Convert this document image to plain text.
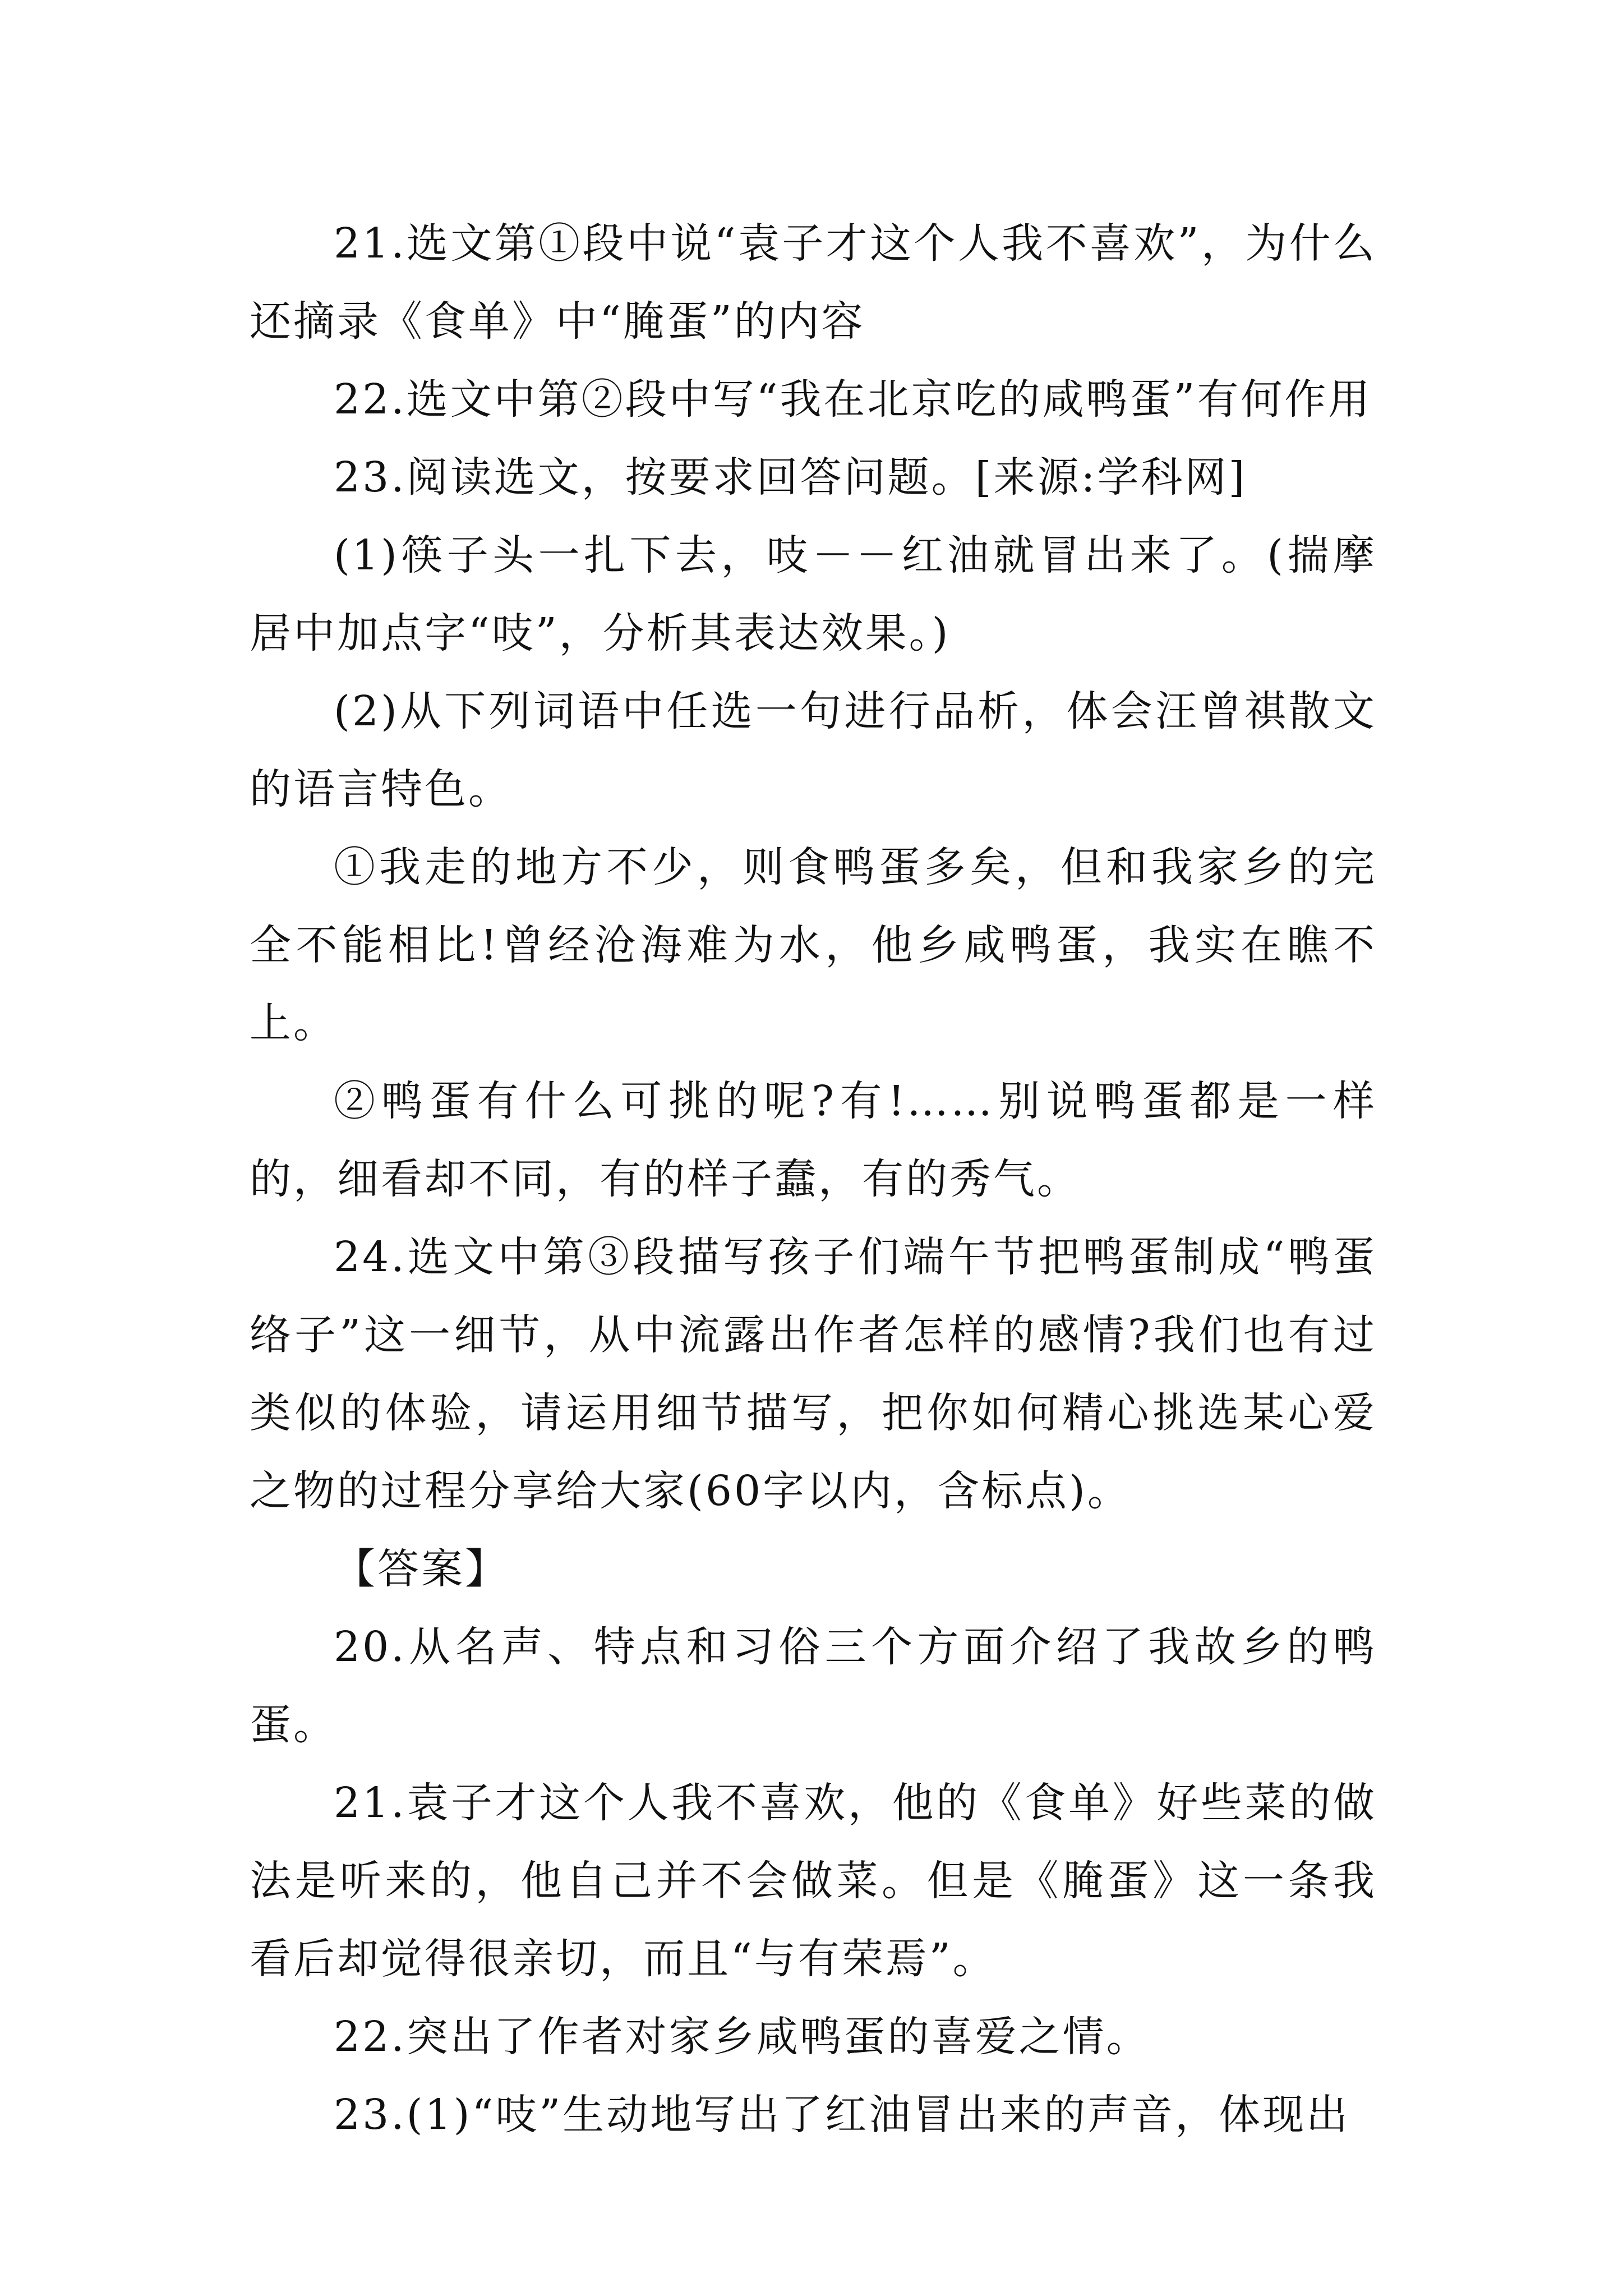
21.选文第①段中说“袁子才这个人我不喜欢”，为什么还摘录《食单》中“腌蛋”的内容

22.选文中第②段中写“我在北京吃的咸鸭蛋”有何作用

23.阅读选文，按要求回答问题。[来源:学科网]

(1)筷子头一扎下去，吱－－红油就冒出来了。(揣摩居中加点字“吱”，分析其表达效果。)

(2)从下列词语中任选一句进行品析，体会汪曾祺散文的语言特色。

①我走的地方不少，则食鸭蛋多矣，但和我家乡的完全不能相比!曾经沧海难为水，他乡咸鸭蛋，我实在瞧不上。

②鸭蛋有什么可挑的呢?有!……别说鸭蛋都是一样的，细看却不同，有的样子蠢，有的秀气。

24.选文中第③段描写孩子们端午节把鸭蛋制成“鸭蛋络子”这一细节，从中流露出作者怎样的感情?我们也有过类似的体验，请运用细节描写，把你如何精心挑选某心爱之物的过程分享给大家(60字以内，含标点)。

【答案】

20.从名声、特点和习俗三个方面介绍了我故乡的鸭蛋。

21.袁子才这个人我不喜欢，他的《食单》好些菜的做法是听来的，他自己并不会做菜。但是《腌蛋》这一条我看后却觉得很亲切，而且“与有荣焉”。

22.突出了作者对家乡咸鸭蛋的喜爱之情。

23.(1)“吱”生动地写出了红油冒出来的声音，体现出
